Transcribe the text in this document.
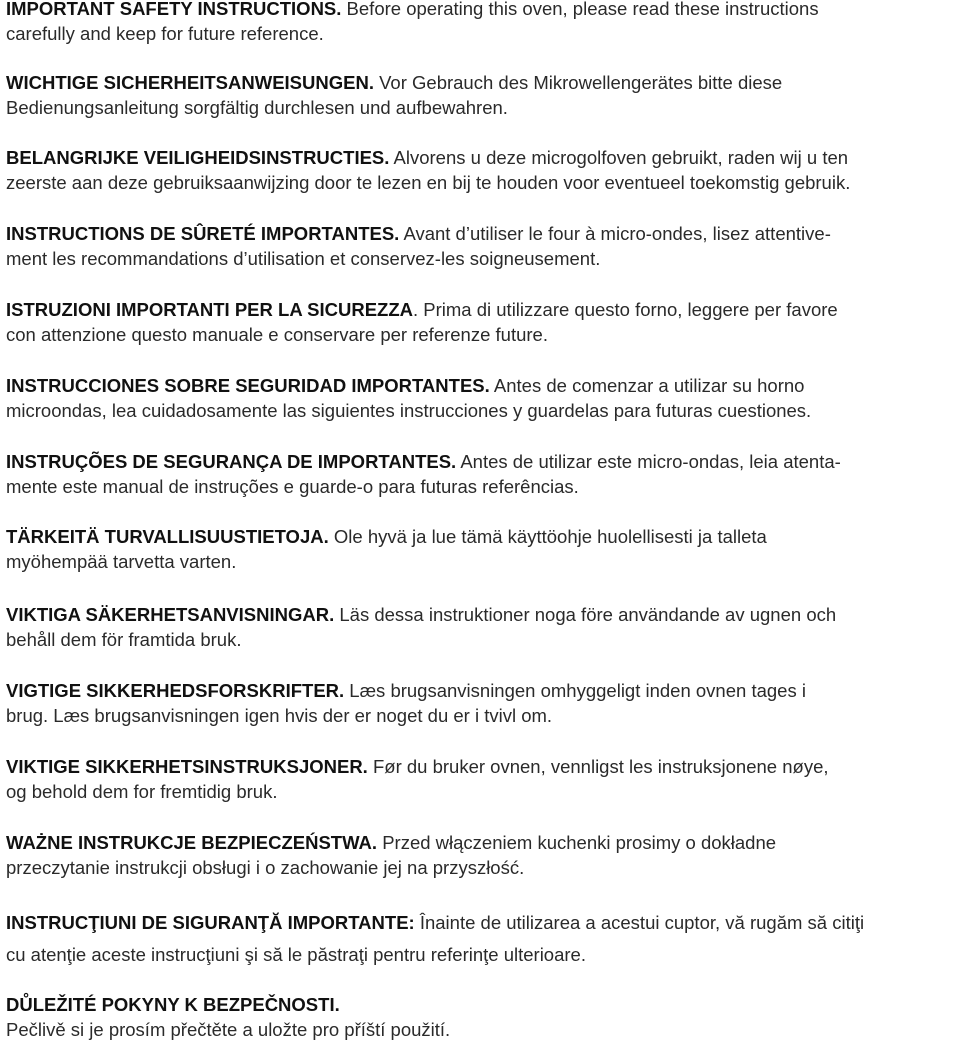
IMPORTANT SAFETY INSTRUCTIONS. Before operating this oven, please read these instructions
carefully and keep for future reference.

WICHTIGE SICHERHEITSANWEISUNGEN. Vor Gebrauch des Mikrowellengerätes bitte diese
Bedienungsanleitung sorgfältig durchlesen und aufbewahren.

BELANGRIJKE VEILIGHEIDSINSTRUCTIES. Alvorens u deze microgolfoven gebruikt, raden wij u ten
zeerste aan deze gebruiksaanwijzing door te lezen en bij te houden voor eventueel toekomstig gebruik.

INSTRUCTIONS DE SÛRETÉ IMPORTANTES. Avant d’utiliser le four à micro-ondes, lisez attentive-
ment les recommandations d’utilisation et conservez-les soigneusement.

ISTRUZIONI IMPORTANTI PER LA SICUREZZA. Prima di utilizzare questo forno, leggere per favore
con attenzione questo manuale e conservare per referenze future.

INSTRUCCIONES SOBRE SEGURIDAD IMPORTANTES. Antes de comenzar a utilizar su horno
microondas, lea cuidadosamente las siguientes instrucciones y guardelas para futuras cuestiones.

INSTRUÇÕES DE SEGURANÇA DE IMPORTANTES. Antes de utilizar este micro-ondas, leia atenta-
mente este manual de instruções e guarde-o para futuras referências.

TÄRKEITÄ TURVALLISUUSTIETOJA. Ole hyvä ja lue tämä käyttöohje huolellisesti ja talleta
myöhempää tarvetta varten.

VIKTIGA SÄKERHETSANVISNINGAR. Läs dessa instruktioner noga före användande av ugnen och
behåll dem för framtida bruk.

VIGTIGE SIKKERHEDSFORSKRIFTER. Læs brugsanvisningen omhyggeligt inden ovnen tages i
brug. Læs brugsanvisningen igen hvis der er noget du er i tvivl om.

VIKTIGE SIKKERHETSINSTRUKSJONER. Før du bruker ovnen, vennligst les instruksjonene nøye,
og behold dem for fremtidig bruk.

WAŻNE INSTRUKCJE BEZPIECZEŃSTWA. Przed włączeniem kuchenki prosimy o dokładne
przeczytanie instrukcji obsługi i o zachowanie jej na przyszłość.

INSTRUCŢIUNI DE SIGURANŢĂ IMPORTANTE: Înainte de utilizarea a acestui cuptor, vă rugăm să citiţi
cu atenţie aceste instrucţiuni şi să le păstraţi pentru referinţe ulterioare.

DŮLEŽITÉ POKYNY K BEZPEČNOSTI.
Pečlivě si je prosím přečtěte a uložte pro příští použití.
